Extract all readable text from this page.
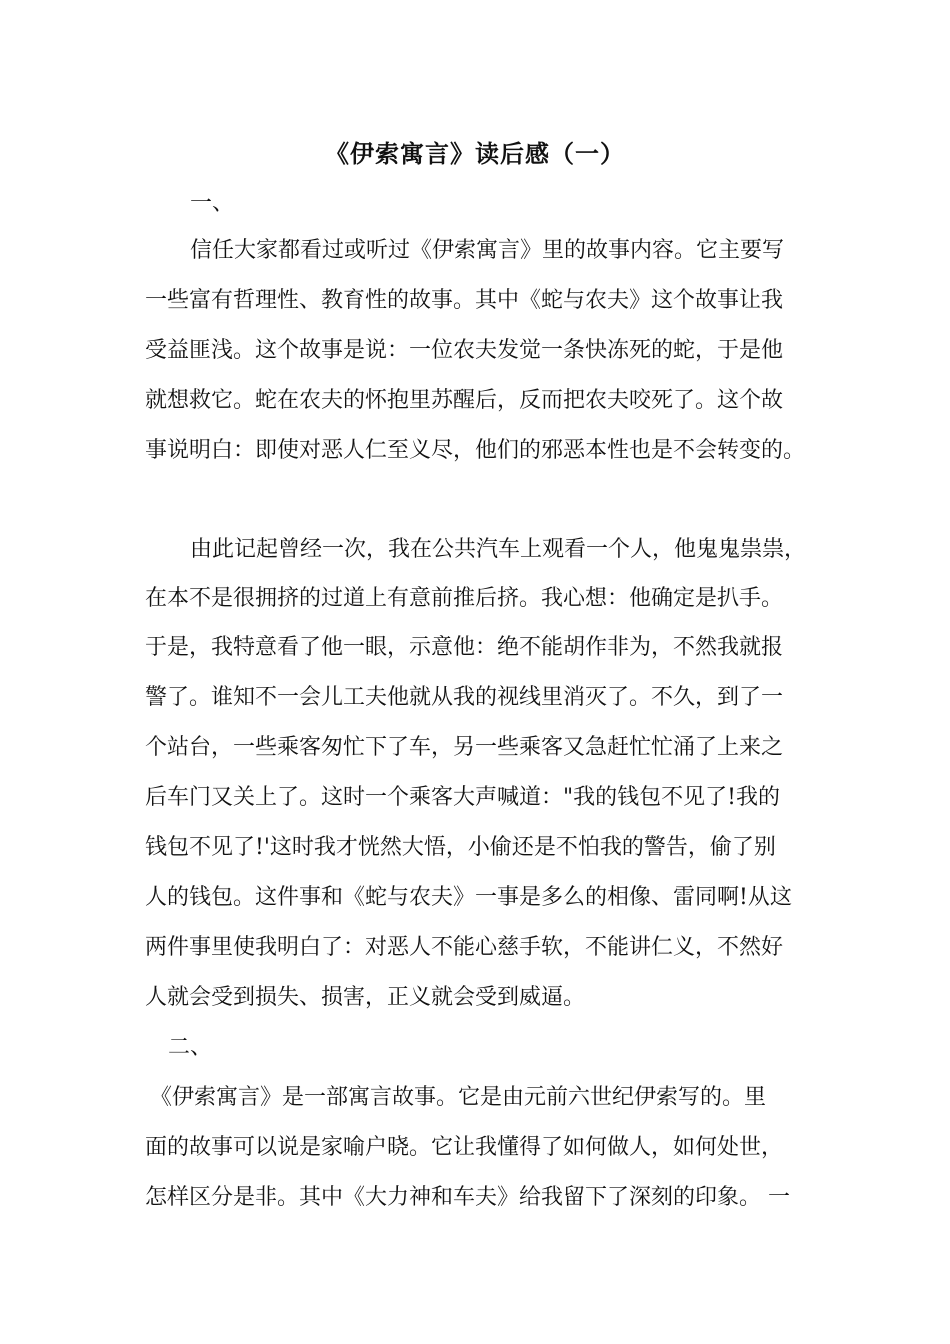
《伊索寓言》读后感（一）

一、

信任大家都看过或听过《伊索寓言》里的故事内容。它主要写

一些富有哲理性、教育性的故事。其中《蛇与农夫》这个故事让我

受益匪浅。这个故事是说：一位农夫发觉一条快冻死的蛇，于是他

就想救它。蛇在农夫的怀抱里苏醒后，反而把农夫咬死了。这个故

事说明白：即使对恶人仁至义尽，他们的邪恶本性也是不会转变的。

由此记起曾经一次，我在公共汽车上观看一个人，他鬼鬼祟祟，

在本不是很拥挤的过道上有意前推后挤。我心想：他确定是扒手。

于是，我特意看了他一眼，示意他：绝不能胡作非为，不然我就报

警了。谁知不一会儿工夫他就从我的视线里消灭了。不久，到了一

个站台，一些乘客匆忙下了车，另一些乘客又急赶忙忙涌了上来之

后车门又关上了。这时一个乘客大声喊道："我的钱包不见了!我的

钱包不见了!'这时我才恍然大悟，小偷还是不怕我的警告，偷了别

人的钱包。这件事和《蛇与农夫》一事是多么的相像、雷同啊!从这

两件事里使我明白了：对恶人不能心慈手软，不能讲仁义，不然好

人就会受到损失、损害，正义就会受到威逼。

二、

《伊索寓言》是一部寓言故事。它是由元前六世纪伊索写的。里

面的故事可以说是家喻户晓。它让我懂得了如何做人，如何处世，

怎样区分是非。其中《大力神和车夫》给我留下了深刻的印象。 一
